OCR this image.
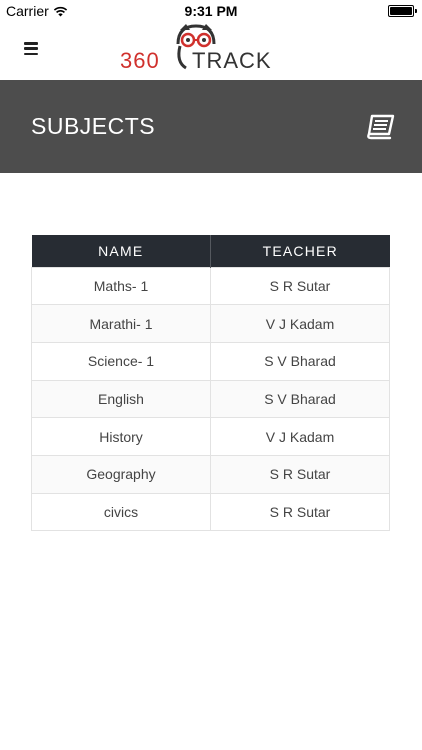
Carrier	9:31 PM
360 TRACK
SUBJECTS
NAME	TEACHER
Maths- 1	S R Sutar
Marathi- 1	V J Kadam
Science- 1	S V Bharad
English	S V Bharad
History	V J Kadam
Geography	S R Sutar
civics	S R Sutar
